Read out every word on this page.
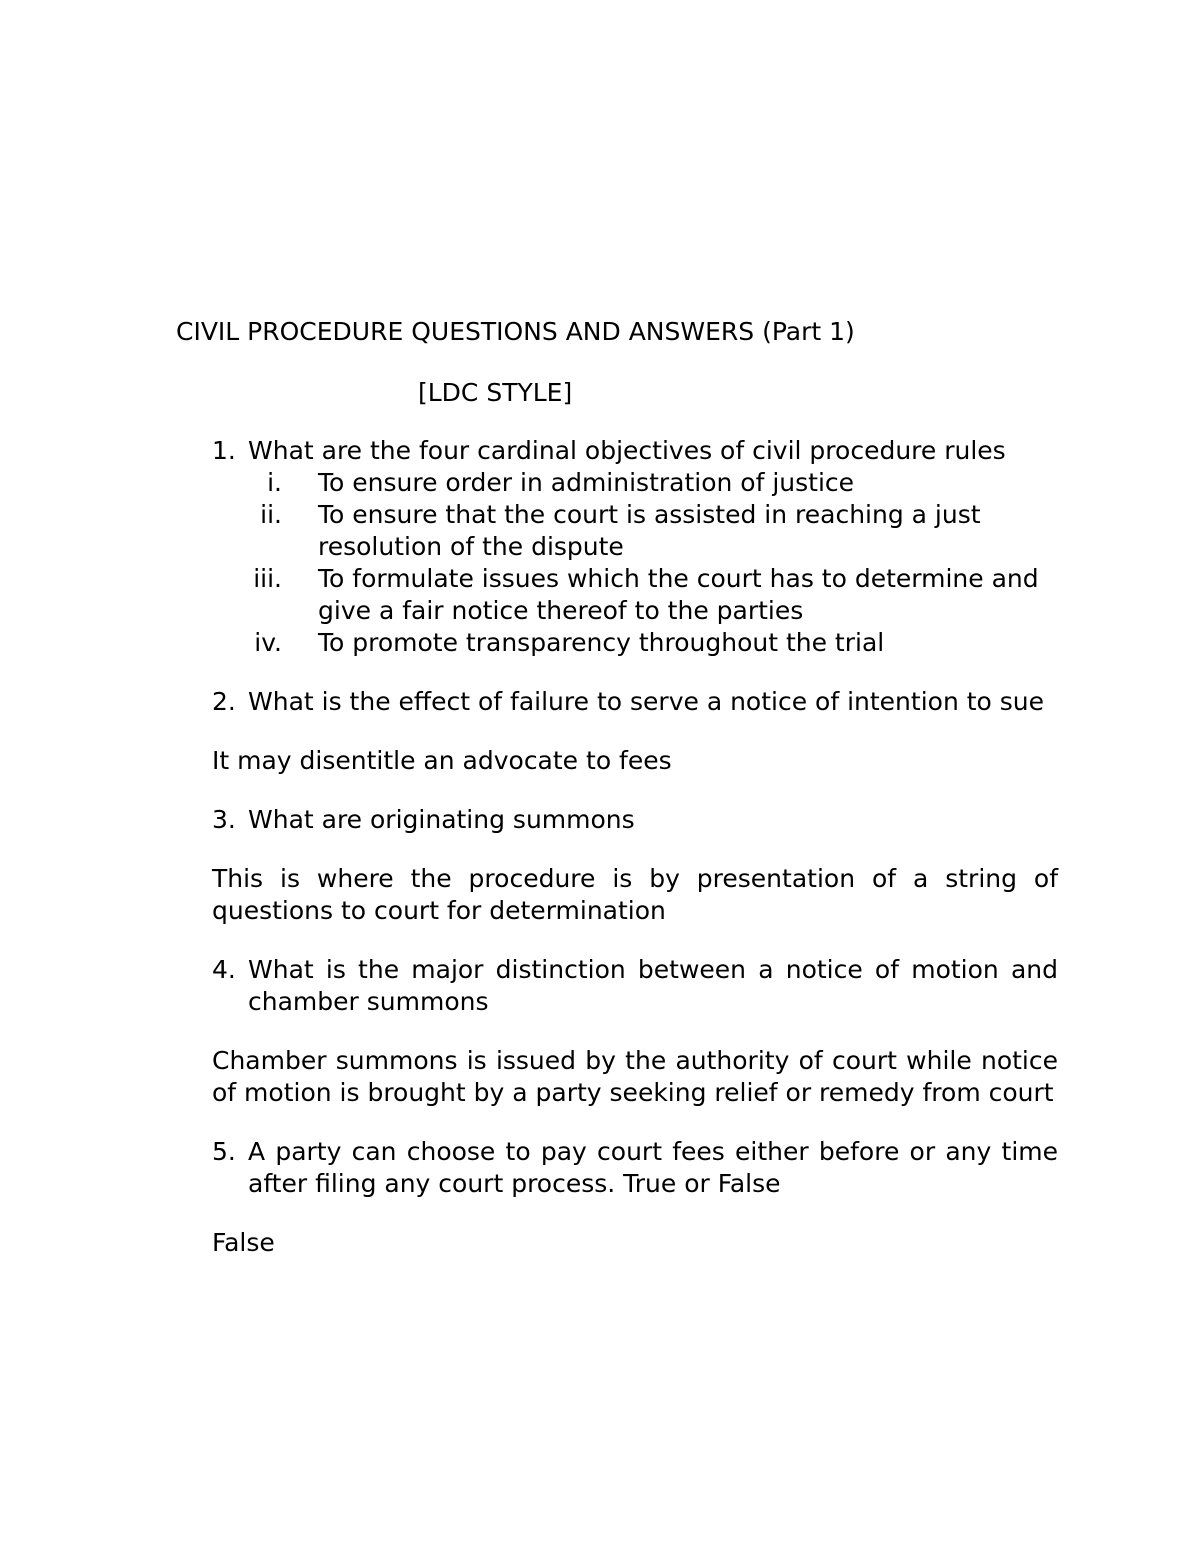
CIVIL PROCEDURE QUESTIONS AND ANSWERS (Part 1)
[LDC STYLE]
1. What are the four cardinal objectives of civil procedure rules
i. To ensure order in administration of justice
ii. To ensure that the court is assisted in reaching a just resolution of the dispute
iii. To formulate issues which the court has to determine and give a fair notice thereof to the parties
iv. To promote transparency throughout the trial
2. What is the effect of failure to serve a notice of intention to sue
It may disentitle an advocate to fees
3. What are originating summons
This is where the procedure is by presentation of a string of questions to court for determination
4. What is the major distinction between a notice of motion and chamber summons
Chamber summons is issued by the authority of court while notice of motion is brought by a party seeking relief or remedy from court
5. A party can choose to pay court fees either before or any time after filing any court process. True or False
False
